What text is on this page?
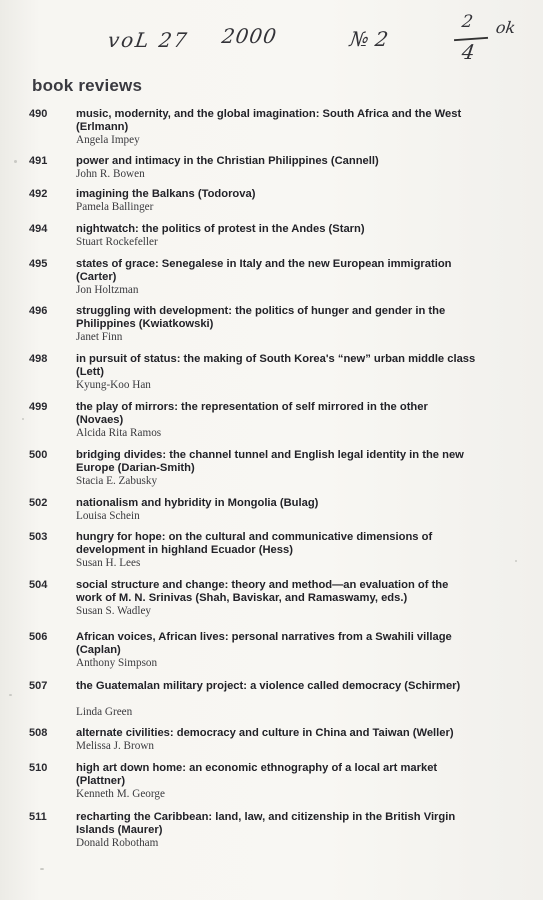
voL 27 2000	№ 2
2
4
ok
book reviews
490	music, modernity, and the global imagination: South Africa and the West (Erlmann)
Angela Impey
491	power and intimacy in the Christian Philippines (Cannell)
John R. Bowen
492	imagining the Balkans (Todorova)
Pamela Ballinger
494	nightwatch: the politics of protest in the Andes (Starn)
Stuart Rockefeller
495	states of grace: Senegalese in Italy and the new European immigration (Carter)
Jon Holtzman
496	struggling with development: the politics of hunger and gender in the Philippines (Kwiatkowski)
Janet Finn
498	in pursuit of status: the making of South Korea's “new” urban middle class (Lett)
Kyung-Koo Han
499	the play of mirrors: the representation of self mirrored in the other (Novaes)
Alcida Rita Ramos
500	bridging divides: the channel tunnel and English legal identity in the new Europe (Darian-Smith)
Stacia E. Zabusky
502	nationalism and hybridity in Mongolia (Bulag)
Louisa Schein
503	hungry for hope: on the cultural and communicative dimensions of development in highland Ecuador (Hess)
Susan H. Lees
504	social structure and change: theory and method—an evaluation of the work of M. N. Srinivas (Shah, Baviskar, and Ramaswamy, eds.)
Susan S. Wadley
506	African voices, African lives: personal narratives from a Swahili village (Caplan)
Anthony Simpson
507	the Guatemalan military project: a violence called democracy (Schirmer)
Linda Green
508	alternate civilities: democracy and culture in China and Taiwan (Weller)
Melissa J. Brown
510	high art down home: an economic ethnography of a local art market (Plattner)
Kenneth M. George
511	recharting the Caribbean: land, law, and citizenship in the British Virgin Islands (Maurer)
Donald Robotham
